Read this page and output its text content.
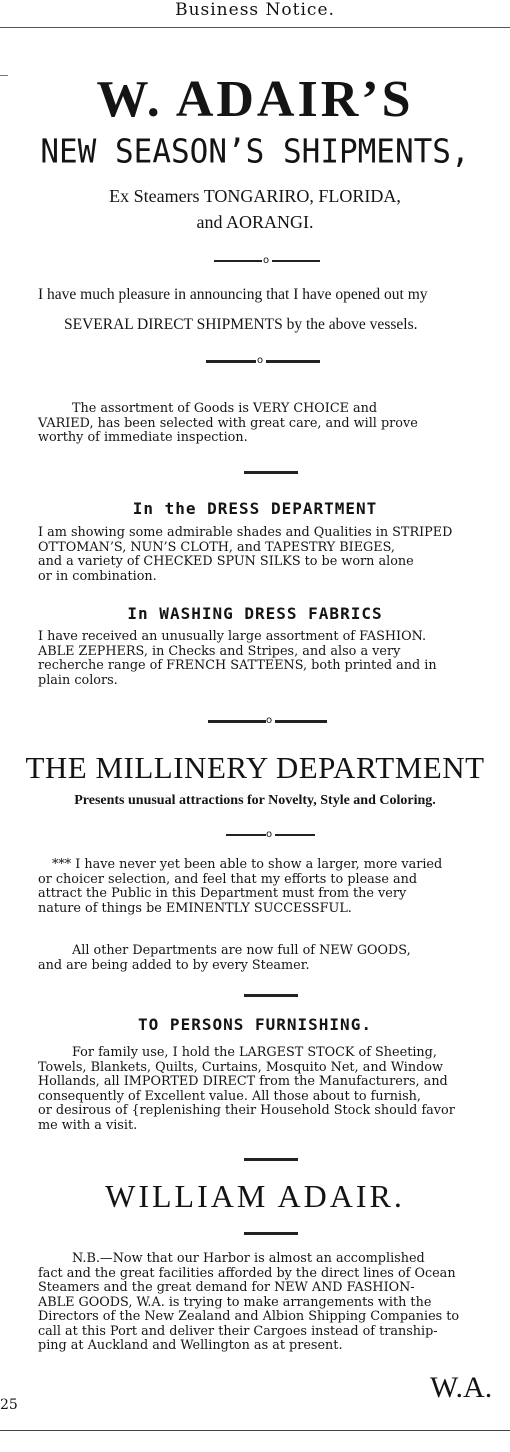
Business Notice.
W. ADAIR’S
NEW SEASON’S SHIPMENTS,
Ex Steamers TONGARIRO, FLORIDA,
and AORANGI.
o
I have much pleasure in announcing that I have opened out my
SEVERAL DIRECT SHIPMENTS by the above vessels.
o
The assortment of Goods is VERY CHOICE and
VARIED, has been selected with great care, and will prove
worthy of immediate inspection.
In the DRESS DEPARTMENT
I am showing some admirable shades and Qualities in STRIPED
OTTOMAN’S, NUN’S CLOTH, and TAPESTRY BIEGES,
and a variety of CHECKED SPUN SILKS to be worn alone
or in combination.
In WASHING DRESS FABRICS
I have received an unusually large assortment of FASHION.
ABLE ZEPHERS, in Checks and Stripes, and also a very
recherche range of FRENCH SATTEENS, both printed and in
plain colors.
o
THE MILLINERY DEPARTMENT
Presents unusual attractions for Novelty, Style and Coloring.
o
*** I have never yet been able to show a larger, more varied
or choicer selection, and feel that my efforts to please and
attract the Public in this Department must from the very
nature of things be EMINENTLY SUCCESSFUL.
All other Departments are now full of NEW GOODS,
and are being added to by every Steamer.
TO PERSONS FURNISHING.
For family use, I hold the LARGEST STOCK of Sheeting,
Towels, Blankets, Quilts, Curtains, Mosquito Net, and Window
Hollands, all IMPORTED DIRECT from the Manufacturers, and
consequently of Excellent value. All those about to furnish,
or desirous of {replenishing their Household Stock should favor
me with a visit.
WILLIAM ADAIR.
N.B.—Now that our Harbor is almost an accomplished
fact and the great facilities afforded by the direct lines of Ocean
Steamers and the great demand for NEW AND FASHION-
ABLE GOODS, W.A. is trying to make arrangements with the
Directors of the New Zealand and Albion Shipping Companies to
call at this Port and deliver their Cargoes instead of tranship-
ping at Auckland and Wellington as at present.
W.A.
25
